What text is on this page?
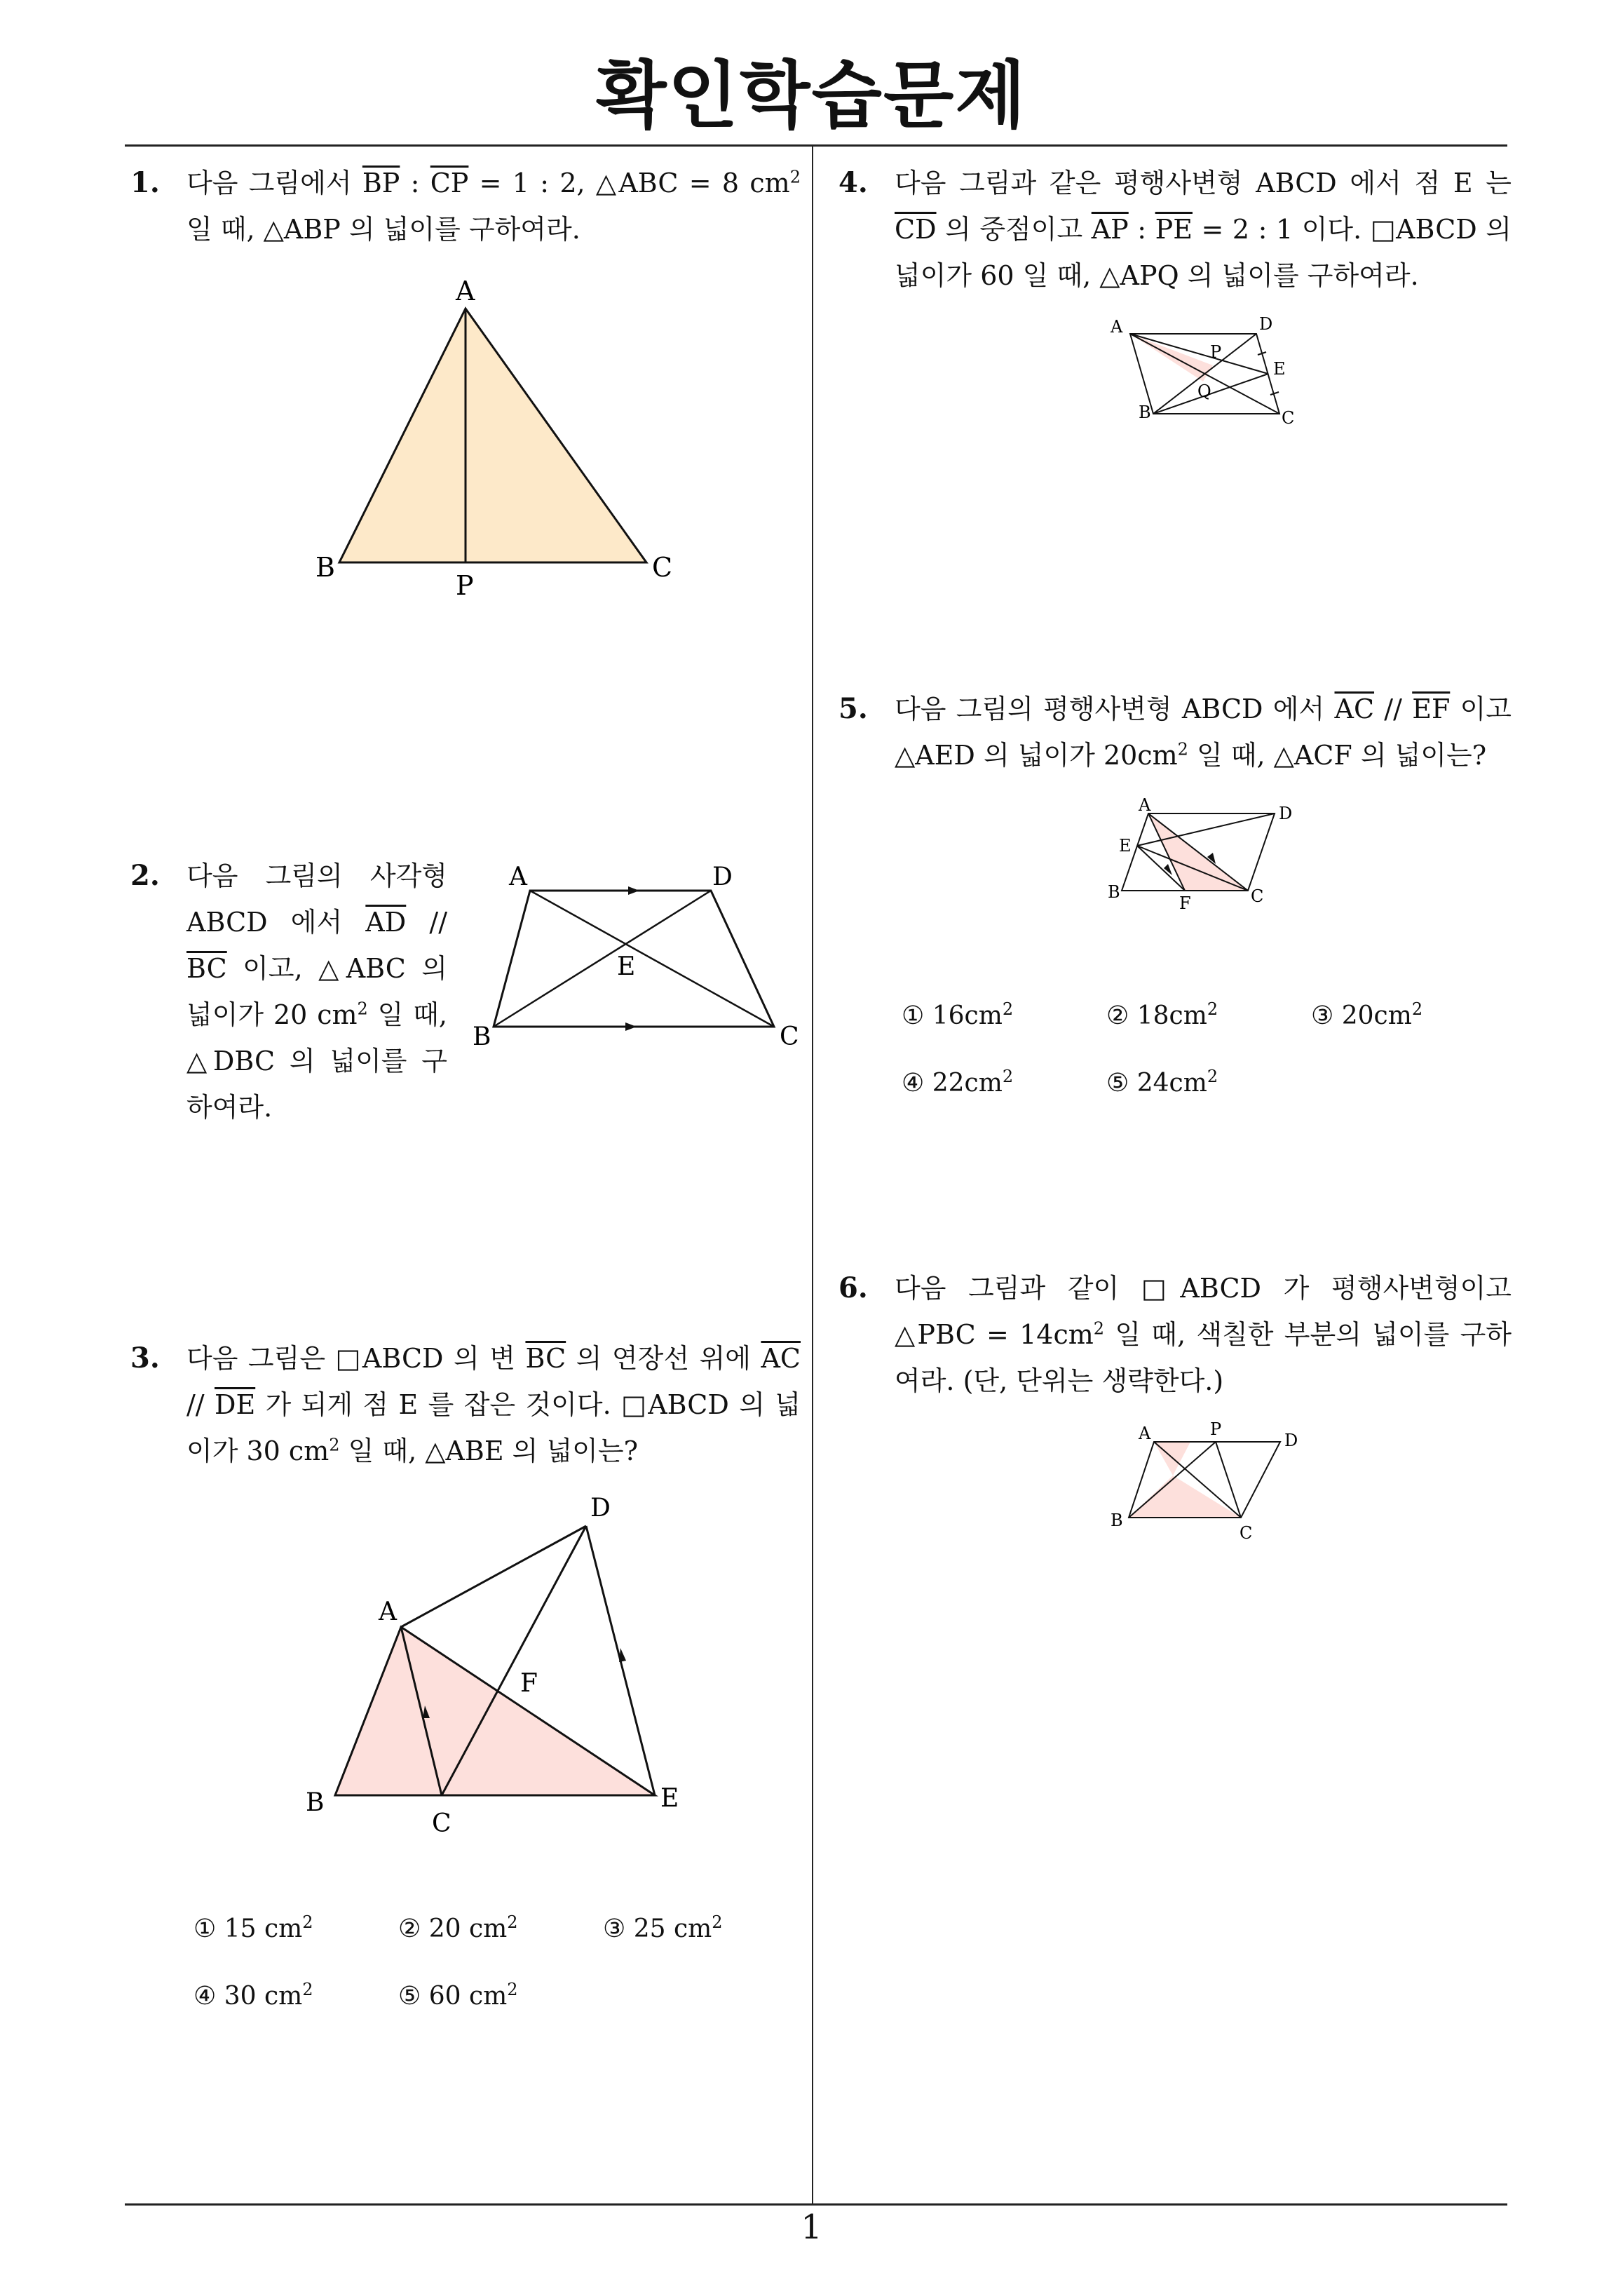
확인학습문제
1. 다음 그림에서 $\overline{BP}$ : $\overline{CP} = 1$ : 2, △ABC = 8 $cm^2$ 일 때, △ABP 의 넓이를 구하여라.
A
B
P
C
2. 다음 그림의 사각형 ABCD 에서 $\overline{AD} // \overline{BC}$ 이고, △ABC 의 넓이가 20 $cm^2$ 일 때, △DBC 의 넓이를 구하여라.
A	D
E
B	C
3. 다음 그림은 □ABCD 의 변 $\overline{BC}$ 의 연장선 위에 $\overline{AC} // \overline{DE}$ 가 되게 점 E 를 잡은 것이다. □ABCD 의 넓이가 30 $cm^2$ 일 때, △ABE 의 넓이는?
D
A
F
B
C
E
① 15 $cm^2$	② 20 $cm^2$	③ 25 $cm^2$
④ 30 $cm^2$	⑤ 60 $cm^2$
4. 다음 그림과 같은 평행사변형 ABCD 에서 점 E 는 $\overline{CD}$ 의 중점이고 $\overline{AP}$ : $\overline{PE} = 2$ : 1 이다. □ABCD 의 넓이가 60 일 때, △APQ 의 넓이를 구하여라.
A	D
P
E
Q
B	C
5. 다음 그림의 평행사변형 ABCD 에서 $\overline{AC} // \overline{EF}$ 이고 △AED 의 넓이가 $20cm^2$ 일 때, △ACF 의 넓이는?
A	D
E
B
F	C
① $16cm^2$	② $18cm^2$	③ $20cm^2$
④ $22cm^2$	⑤ $24cm^2$
6. 다음 그림과 같이 □ABCD 가 평행사변형이고 △PBC = $14cm^2$ 일 때, 색칠한 부분의 넓이를 구하여라. (단, 단위는 생략한다.)
A	P
D
B
C
1
